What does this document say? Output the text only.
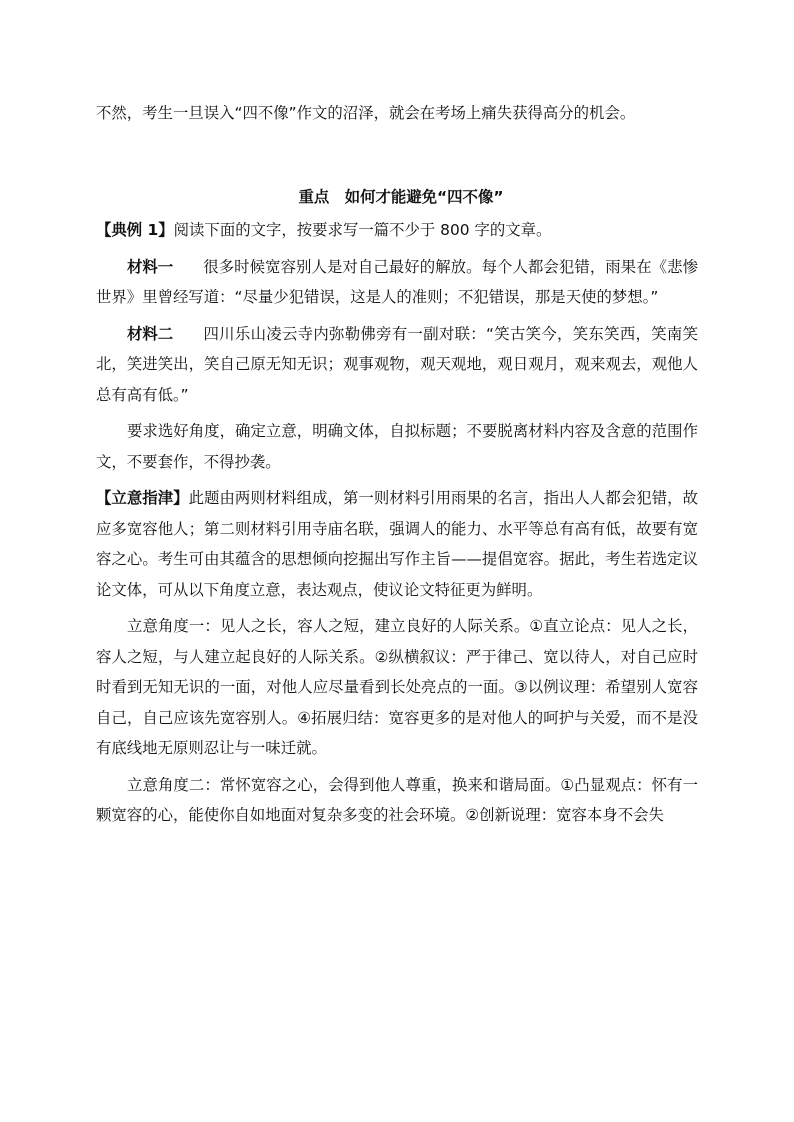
不然，考生一旦误入“四不像”作文的沼泽，就会在考场上痛失获得高分的机会。

重点　如何才能避免“四不像”

【典例 1】阅读下面的文字，按要求写一篇不少于 800 字的文章。

材料一 很多时候宽容别人是对自己最好的解放。每个人都会犯错，雨果在《悲惨世界》里曾经写道：“尽量少犯错误，这是人的准则；不犯错误，那是天使的梦想。”

材料二 四川乐山凌云寺内弥勒佛旁有一副对联：“笑古笑今，笑东笑西，笑南笑北，笑进笑出，笑自己原无知无识；观事观物，观天观地，观日观月，观来观去，观他人总有高有低。”

要求选好角度，确定立意，明确文体，自拟标题；不要脱离材料内容及含意的范围作文，不要套作，不得抄袭。

【立意指津】此题由两则材料组成，第一则材料引用雨果的名言，指出人人都会犯错，故应多宽容他人；第二则材料引用寺庙名联，强调人的能力、水平等总有高有低，故要有宽容之心。考生可由其蕴含的思想倾向挖掘出写作主旨——提倡宽容。据此，考生若选定议论文体，可从以下角度立意，表达观点，使议论文特征更为鲜明。

立意角度一：见人之长，容人之短，建立良好的人际关系。①直立论点：见人之长，容人之短，与人建立起良好的人际关系。②纵横叙议：严于律己、宽以待人，对自己应时时看到无知无识的一面，对他人应尽量看到长处亮点的一面。③以例议理：希望别人宽容自己，自己应该先宽容别人。④拓展归结：宽容更多的是对他人的呵护与关爱，而不是没有底线地无原则忍让与一味迁就。

立意角度二：常怀宽容之心，会得到他人尊重，换来和谐局面。①凸显观点：怀有一颗宽容的心，能使你自如地面对复杂多变的社会环境。②创新说理：宽容本身不会失
